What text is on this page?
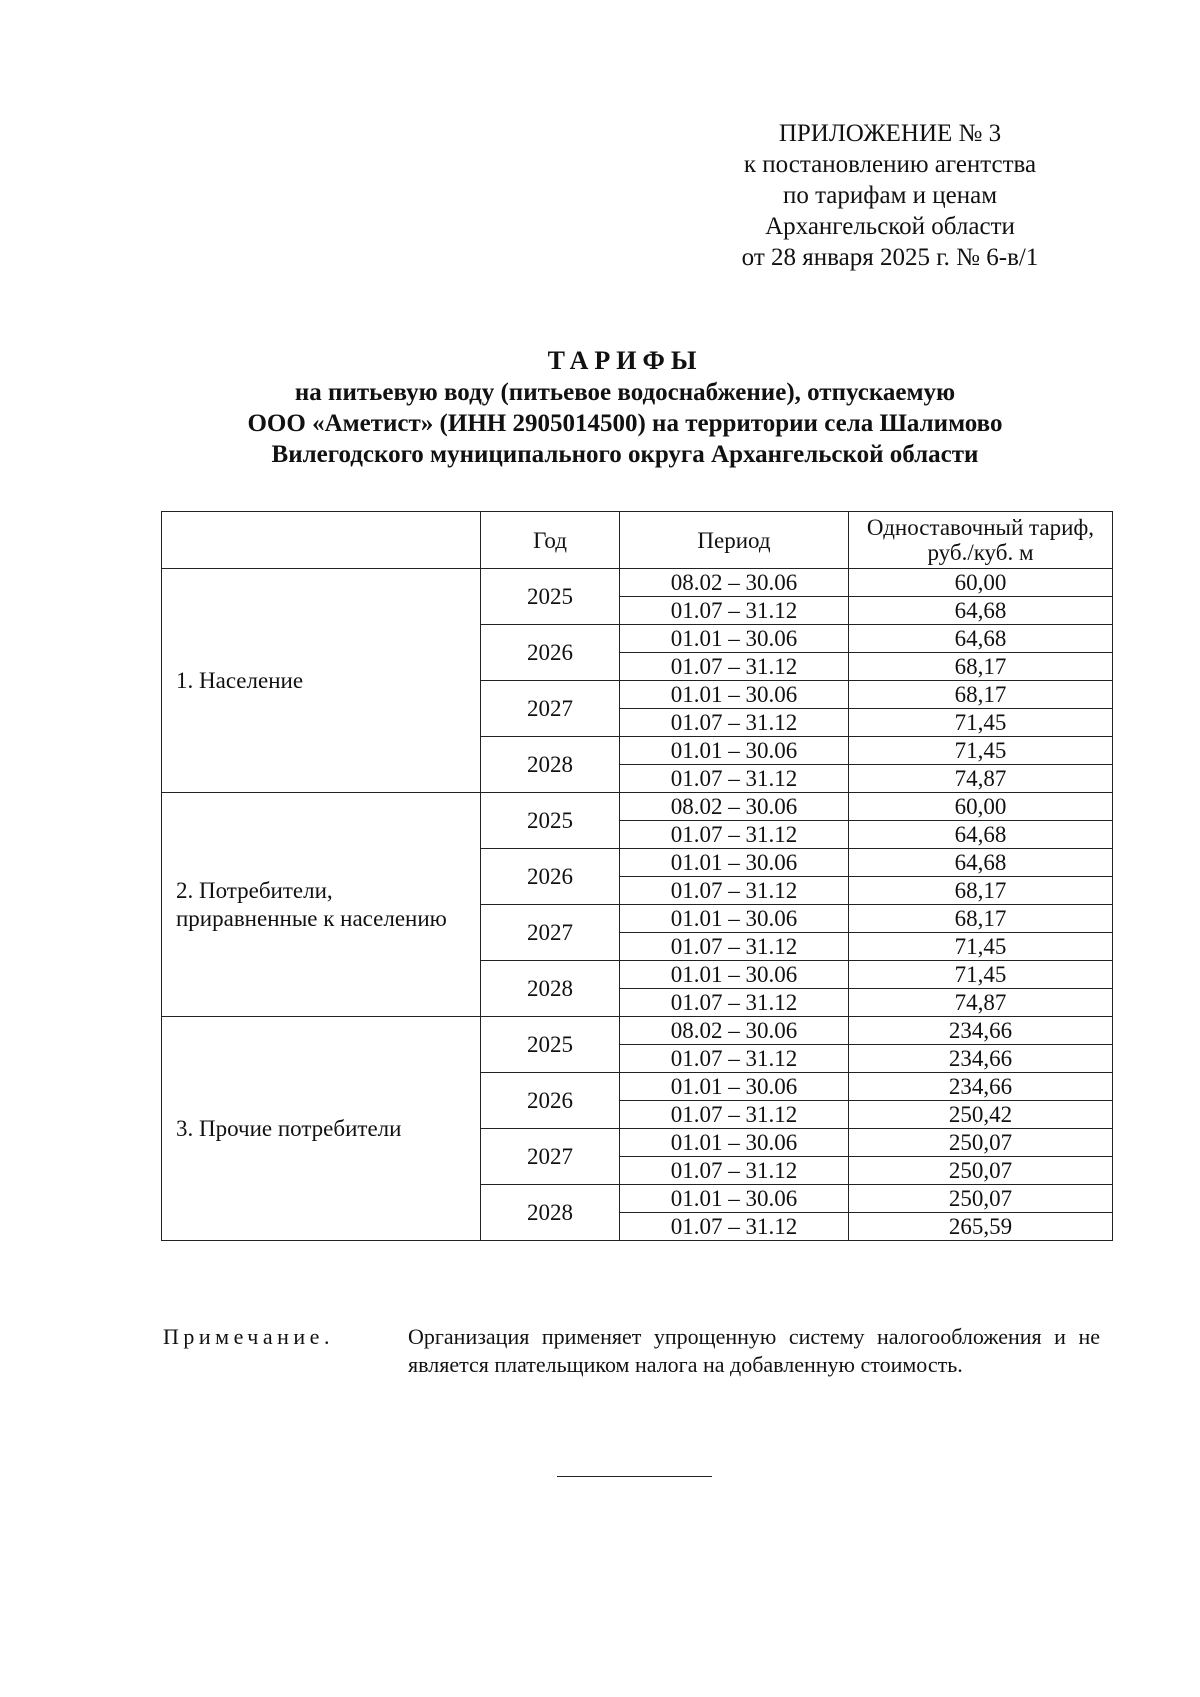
ПРИЛОЖЕНИЕ № 3
к постановлению агентства
по тарифам и ценам
Архангельской области
от 28 января 2025 г. № 6-в/1
ТАРИФЫ
на питьевую воду (питьевое водоснабжение), отпускаемую
ООО «Аметист» (ИНН 2905014500) на территории села Шалимово
Вилегодского муниципального округа Архангельской области
	Год	Период	Одноставочный тариф,
руб./куб. м
1. Население	2025	08.02 – 30.06	60,00
		01.07 – 31.12	64,68
	2026	01.01 – 30.06	64,68
		01.07 – 31.12	68,17
	2027	01.01 – 30.06	68,17
		01.07 – 31.12	71,45
	2028	01.01 – 30.06	71,45
		01.07 – 31.12	74,87
2. Потребители,
приравненные к населению	2025	08.02 – 30.06	60,00
		01.07 – 31.12	64,68
	2026	01.01 – 30.06	64,68
		01.07 – 31.12	68,17
	2027	01.01 – 30.06	68,17
		01.07 – 31.12	71,45
	2028	01.01 – 30.06	71,45
		01.07 – 31.12	74,87
3. Прочие потребители	2025	08.02 – 30.06	234,66
		01.07 – 31.12	234,66
	2026	01.01 – 30.06	234,66
		01.07 – 31.12	250,42
	2027	01.01 – 30.06	250,07
		01.07 – 31.12	250,07
	2028	01.01 – 30.06	250,07
		01.07 – 31.12	265,59
Примечание.	Организация применяет упрощенную систему налогообложения и не является плательщиком налога на добавленную стоимость.
